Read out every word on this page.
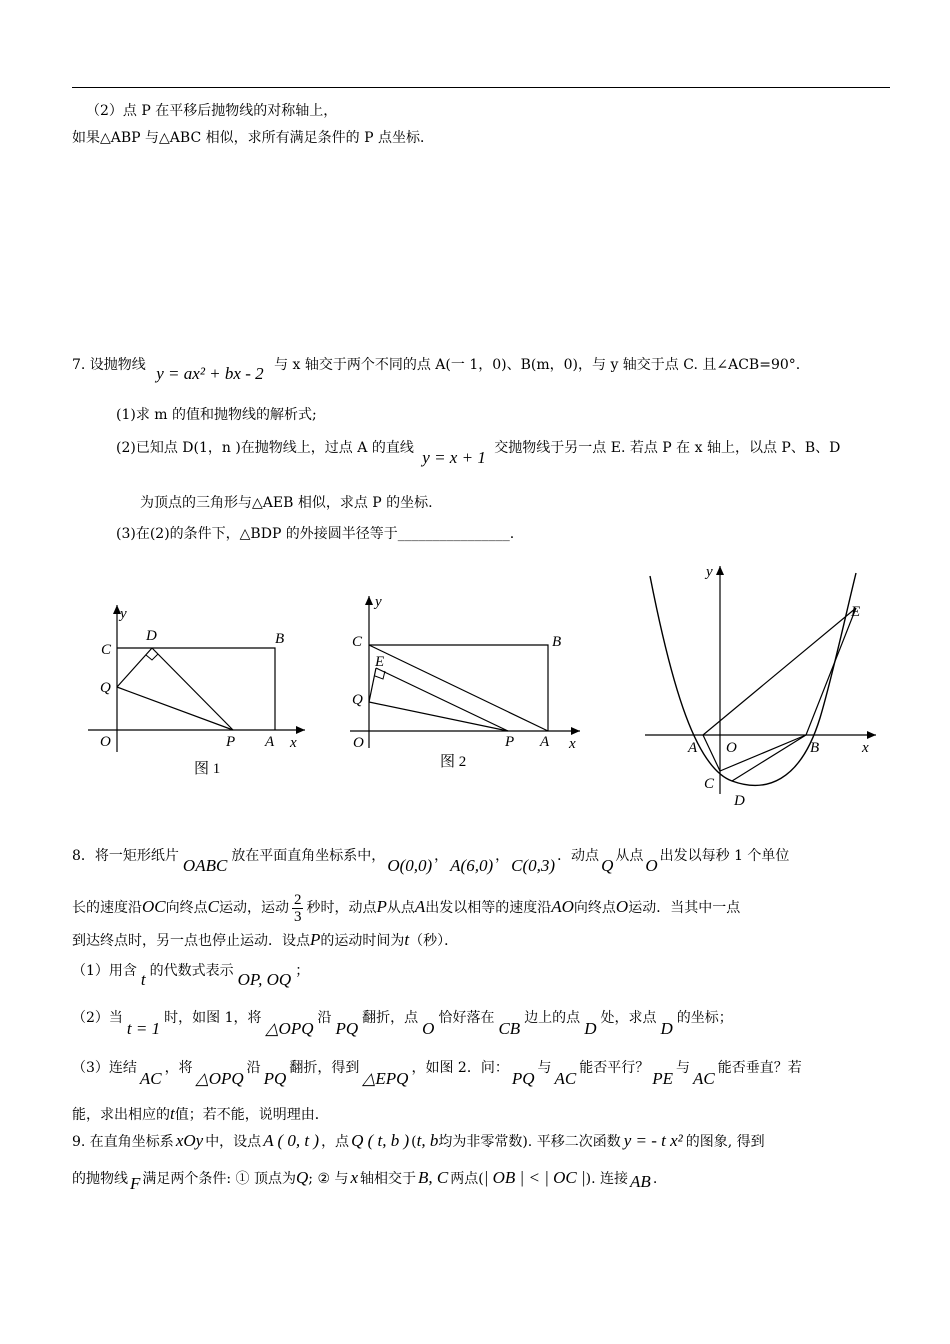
（2）点 P 在平移后抛物线的对称轴上，
如果△ABP 与△ABC 相似，求所有满足条件的 P 点坐标．
7. 设抛物线 y = ax² + bx - 2 与 x 轴交于两个不同的点 A(一 1，0)、B(m，0)，与 y 轴交于点 C. 且∠ACB=90°.
(1)求 m 的值和抛物线的解析式;
(2)已知点 D(1，n )在抛物线上，过点 A 的直线 y = x + 1 交抛物线于另一点 E. 若点 P 在 x 轴上，以点 P、B、D
为顶点的三角形与△AEB 相似，求点 P 的坐标.
(3)在(2)的条件下，△BDP 的外接圆半径等于________________.
y
x
O
C
D	B
Q
P A
图 1
y
x
O
C
E
B
Q
P A
图 2
y
x
A O	B
C
D
E
8．将一矩形纸片 OABC 放在平面直角坐标系中， O(0,0) ， A(6,0) ， C(0,3) ．动点 Q 从点 O 出发以每秒 1 个单位
长的速度沿OC向终点C运动，运动 $\frac{2}{3}$ 秒时，动点P从点A出发以相等的速度沿AO向终点O运动．当其中一点
到达终点时，另一点也停止运动．设点P的运动时间为t（秒）．
（1）用含 t 的代数式表示 OP, OQ ；
（2）当t = 1时，如图 1，将△OPQ沿PQ翻折，点O恰好落在CB边上的点D处，求点D的坐标；
（3）连结AC，将△OPQ沿PQ翻折，得到△EPQ，如图 2．问：PQ与AC能否平行？PE与AC能否垂直？若
能，求出相应的t值；若不能，说明理由．
9. 在直角坐标系 xOy 中，设点 A ( 0, t ) ，点 Q ( t, b ) (t, b均为非零常数). 平移二次函数 y = - t x² 的图象, 得到
的抛物线 F 满足两个条件: ① 顶点为Q; ② 与 x 轴相交于 B, C 两点(| OB | < | OC |). 连接 AB .
